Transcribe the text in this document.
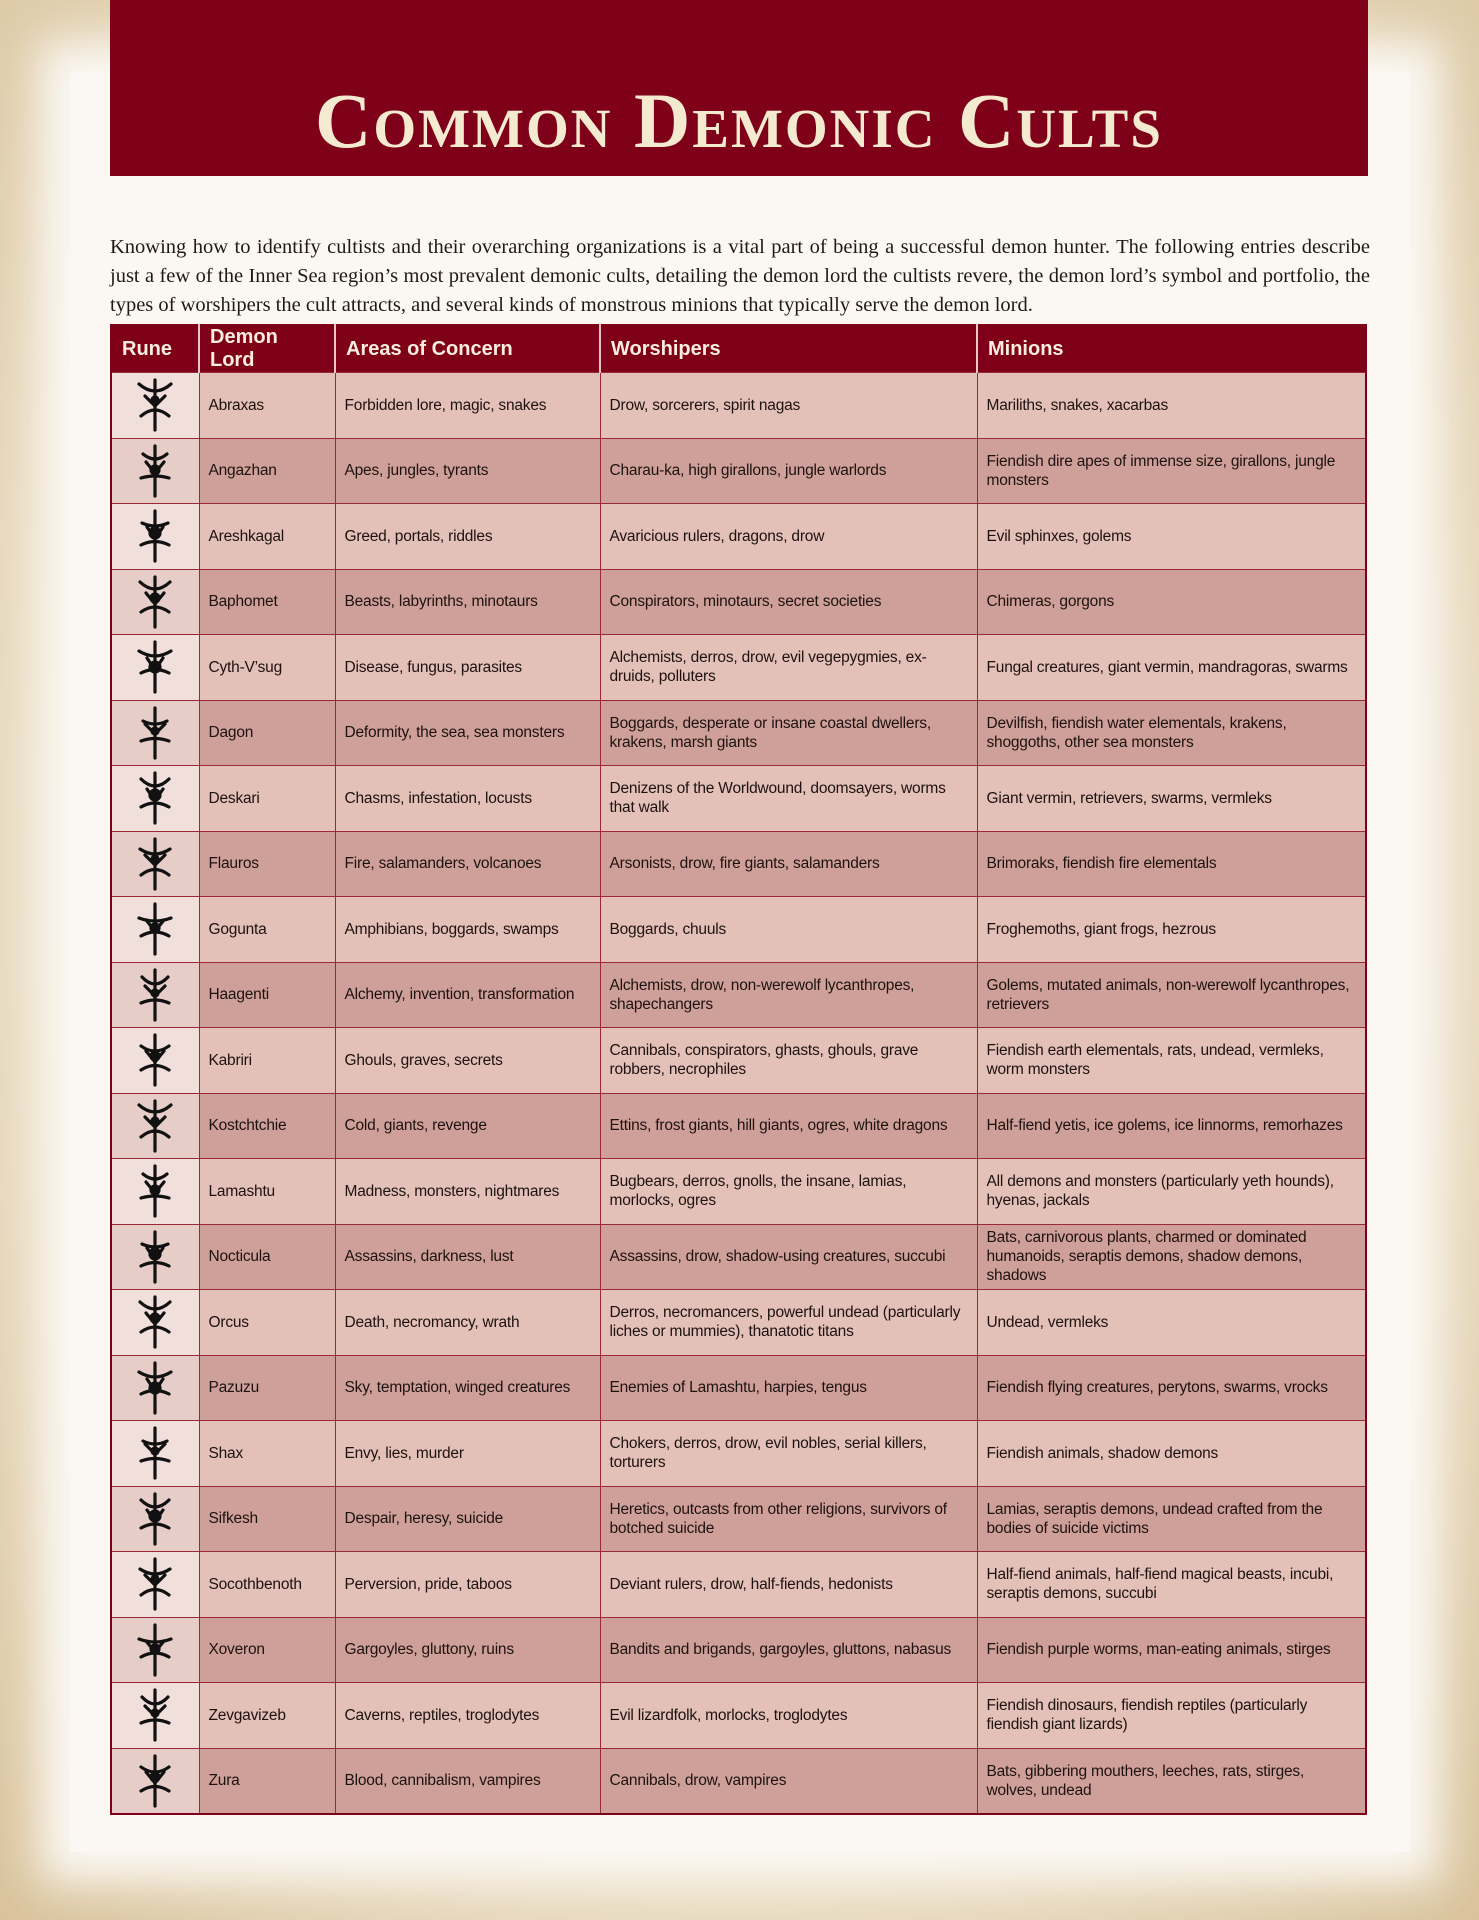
Common Demonic Cults

Knowing how to identify cultists and their overarching organizations is a vital part of being a successful demon hunter. The following entries describe just a few of the Inner Sea region’s most prevalent demonic cults, detailing the demon lord the cultists revere, the demon lord’s symbol and portfolio, the types of worshipers the cult attracts, and several kinds of monstrous minions that typically serve the demon lord.

Rune	Demon Lord	Areas of Concern	Worshipers	Minions

	Abraxas	Forbidden lore, magic, snakes	Drow, sorcerers, spirit nagas	Mariliths, snakes, xacarbas

	Angazhan	Apes, jungles, tyrants	Charau-ka, high girallons, jungle warlords	Fiendish dire apes of immense size, girallons, jungle monsters

	Areshkagal	Greed, portals, riddles	Avaricious rulers, dragons, drow	Evil sphinxes, golems

	Baphomet	Beasts, labyrinths, minotaurs	Conspirators, minotaurs, secret societies	Chimeras, gorgons

	Cyth-V’sug	Disease, fungus, parasites	Alchemists, derros, drow, evil vegepygmies, ex-druids, polluters	Fungal creatures, giant vermin, mandragoras, swarms

	Dagon	Deformity, the sea, sea monsters	Boggards, desperate or insane coastal dwellers, krakens, marsh giants	Devilfish, fiendish water elementals, krakens, shoggoths, other sea monsters

	Deskari	Chasms, infestation, locusts	Denizens of the Worldwound, doomsayers, worms that walk	Giant vermin, retrievers, swarms, vermleks

	Flauros	Fire, salamanders, volcanoes	Arsonists, drow, fire giants, salamanders	Brimoraks, fiendish fire elementals

	Gogunta	Amphibians, boggards, swamps	Boggards, chuuls	Froghemoths, giant frogs, hezrous

	Haagenti	Alchemy, invention, transformation	Alchemists, drow, non-werewolf lycanthropes, shapechangers	Golems, mutated animals, non-werewolf lycanthropes, retrievers

	Kabriri	Ghouls, graves, secrets	Cannibals, conspirators, ghasts, ghouls, grave robbers, necrophiles	Fiendish earth elementals, rats, undead, vermleks, worm monsters

	Kostchtchie	Cold, giants, revenge	Ettins, frost giants, hill giants, ogres, white dragons	Half-fiend yetis, ice golems, ice linnorms, remorhazes

	Lamashtu	Madness, monsters, nightmares	Bugbears, derros, gnolls, the insane, lamias, morlocks, ogres	All demons and monsters (particularly yeth hounds), hyenas, jackals

	Nocticula	Assassins, darkness, lust	Assassins, drow, shadow-using creatures, succubi	Bats, carnivorous plants, charmed or dominated humanoids, seraptis demons, shadow demons, shadows

	Orcus	Death, necromancy, wrath	Derros, necromancers, powerful undead (particularly liches or mummies), thanatotic titans	Undead, vermleks

	Pazuzu	Sky, temptation, winged creatures	Enemies of Lamashtu, harpies, tengus	Fiendish flying creatures, perytons, swarms, vrocks

	Shax	Envy, lies, murder	Chokers, derros, drow, evil nobles, serial killers, torturers	Fiendish animals, shadow demons

	Sifkesh	Despair, heresy, suicide	Heretics, outcasts from other religions, survivors of botched suicide	Lamias, seraptis demons, undead crafted from the bodies of suicide victims

	Socothbenoth	Perversion, pride, taboos	Deviant rulers, drow, half-fiends, hedonists	Half-fiend animals, half-fiend magical beasts, incubi, seraptis demons, succubi

	Xoveron	Gargoyles, gluttony, ruins	Bandits and brigands, gargoyles, gluttons, nabasus	Fiendish purple worms, man-eating animals, stirges

	Zevgavizeb	Caverns, reptiles, troglodytes	Evil lizardfolk, morlocks, troglodytes	Fiendish dinosaurs, fiendish reptiles (particularly fiendish giant lizards)

	Zura	Blood, cannibalism, vampires	Cannibals, drow, vampires	Bats, gibbering mouthers, leeches, rats, stirges, wolves, undead
